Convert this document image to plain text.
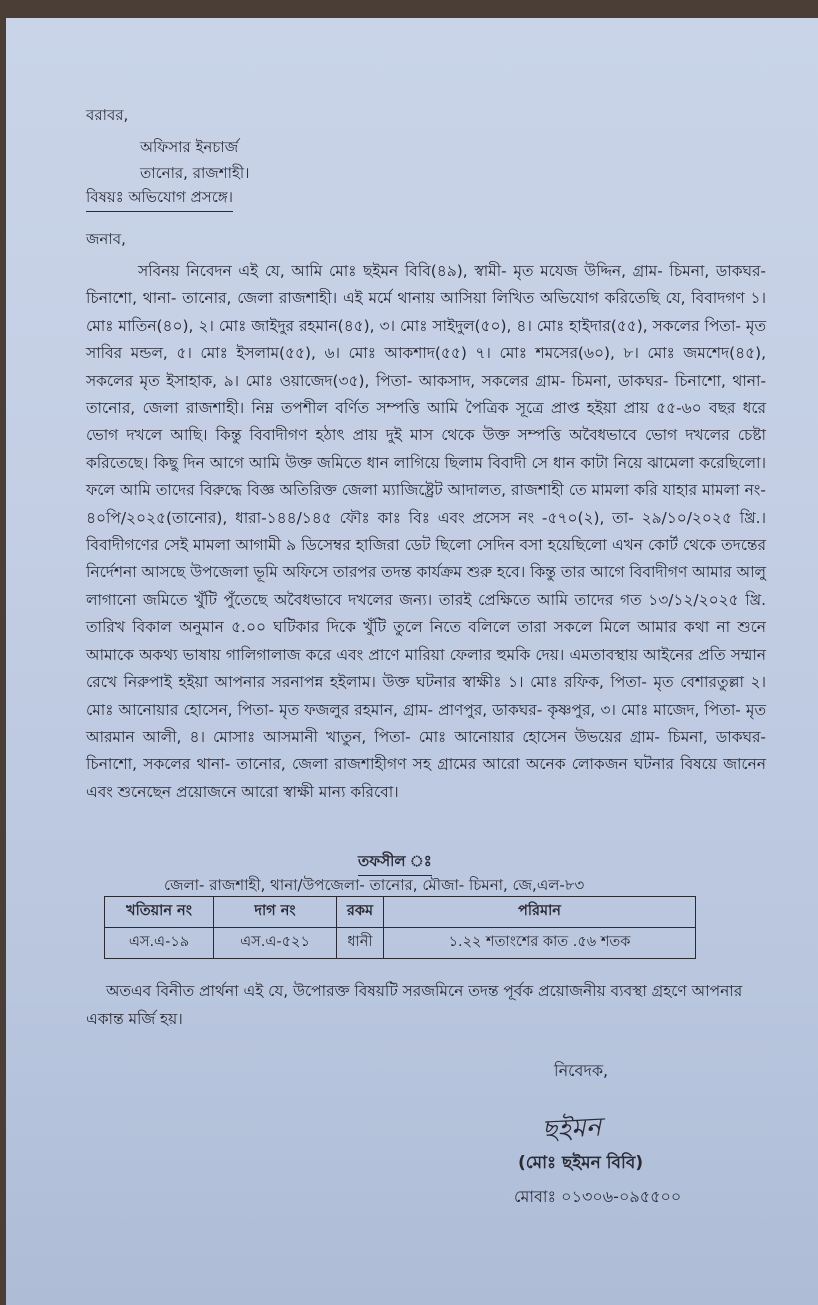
বরাবর,
অফিসার ইনচার্জ
তানোর, রাজশাহী।
বিষয়ঃ অভিযোগ প্রসঙ্গে।
জনাব,
সবিনয় নিবেদন এই যে, আমি মোঃ ছইমন বিবি(৪৯), স্বামী- মৃত মযেজ উদ্দিন, গ্রাম- চিমনা, ডাকঘর- চিনাশো, থানা- তানোর, জেলা রাজশাহী। এই মর্মে থানায় আসিয়া লিখিত অভিযোগ করিতেছি যে, বিবাদগণ ১। মোঃ মাতিন(৪০), ২। মোঃ জাইদুর রহমান(৪৫), ৩। মোঃ সাইদুল(৫০), ৪। মোঃ হাইদার(৫৫), সকলের পিতা- মৃত সাবির মন্ডল, ৫। মোঃ ইসলাম(৫৫), ৬। মোঃ আকশাদ(৫৫) ৭। মোঃ শমসের(৬০), ৮। মোঃ জমশেদ(৪৫), সকলের মৃত ইসাহাক, ৯। মোঃ ওয়াজেদ(৩৫), পিতা- আকসাদ, সকলের গ্রাম- চিমনা, ডাকঘর- চিনাশো, থানা- তানোর, জেলা রাজশাহী। নিম্ন তপশীল বর্ণিত সম্পত্তি আমি পৈত্রিক সূত্রে প্রাপ্ত হইয়া প্রায় ৫৫-৬০ বছর ধরে ভোগ দখলে আছি। কিন্তু বিবাদীগণ হঠাৎ প্রায় দুই মাস থেকে উক্ত সম্পত্তি অবৈধভাবে ভোগ দখলের চেষ্টা করিতেছে। কিছু দিন আগে আমি উক্ত জমিতে ধান লাগিয়ে ছিলাম বিবাদী সে ধান কাটা নিয়ে ঝামেলা করেছিলো। ফলে আমি তাদের বিরুদ্ধে বিজ্ঞ অতিরিক্ত জেলা ম্যাজিষ্ট্রেট আদালত, রাজশাহী তে মামলা করি যাহার মামলা নং- ৪০পি/২০২৫(তানোর), ধারা-১৪৪/১৪৫ ফৌঃ কাঃ বিঃ এবং প্রসেস নং -৫৭০(২), তা- ২৯/১০/২০২৫ খ্রি.। বিবাদীগণের সেই মামলা আগামী ৯ ডিসেম্বর হাজিরা ডেট ছিলো সেদিন বসা হয়েছিলো এখন কোর্ট থেকে তদন্তের নির্দেশনা আসছে উপজেলা ভূমি অফিসে তারপর তদন্ত কার্যক্রম শুরু হবে। কিন্তু তার আগে বিবাদীগণ আমার আলু লাগানো জমিতে খুঁটি পুঁতেছে অবৈধভাবে দখলের জন্য। তারই প্রেক্ষিতে আমি তাদের গত ১৩/১২/২০২৫ খ্রি. তারিখ বিকাল অনুমান ৫.০০ ঘটিকার দিকে খুঁটি তুলে নিতে বলিলে তারা সকলে মিলে আমার কথা না শুনে আমাকে অকথ্য ভাষায় গালিগালাজ করে এবং প্রাণে মারিয়া ফেলার হুমকি দেয়। এমতাবস্থায় আইনের প্রতি সম্মান রেখে নিরুপাই হইয়া আপনার সরনাপন্ন হইলাম। উক্ত ঘটনার স্বাক্ষীঃ ১। মোঃ রফিক, পিতা- মৃত বেশারতুল্লা ২।মোঃ আনোয়ার হোসেন, পিতা- মৃত ফজলুর রহমান, গ্রাম- প্রাণপুর, ডাকঘর- কৃষ্ণপুর, ৩। মোঃ মাজেদ, পিতা- মৃত আরমান আলী, ৪। মোসাঃ আসমানী খাতুন, পিতা- মোঃ আনোয়ার হোসেন উভয়ের গ্রাম- চিমনা, ডাকঘর- চিনাশো, সকলের থানা- তানোর, জেলা রাজশাহীগণ সহ গ্রামের আরো অনেক লোকজন ঘটনার বিষয়ে জানেন এবং শুনেছেন প্রয়োজনে আরো স্বাক্ষী মান্য করিবো।
তফসীল ঃ
জেলা- রাজশাহী, থানা/উপজেলা- তানোর, মৌজা- চিমনা, জে,এল-৮৩
খতিয়ান নং	দাগ নং	রকম	পরিমান
এস.এ-১৯	এস.এ-৫২১	ধানী	১.২২ শতাংশের কাত .৫৬ শতক
অতএব বিনীত প্রার্থনা এই যে, উপোরক্ত বিষয়টি সরজমিনে তদন্ত পূর্বক প্রয়োজনীয় ব্যবস্থা গ্রহণে আপনার একান্ত মর্জি হয়।
নিবেদক,
ছইমন
(মোঃ ছইমন বিবি)
মোবাঃ ০১৩০৬-০৯৫৫০০
